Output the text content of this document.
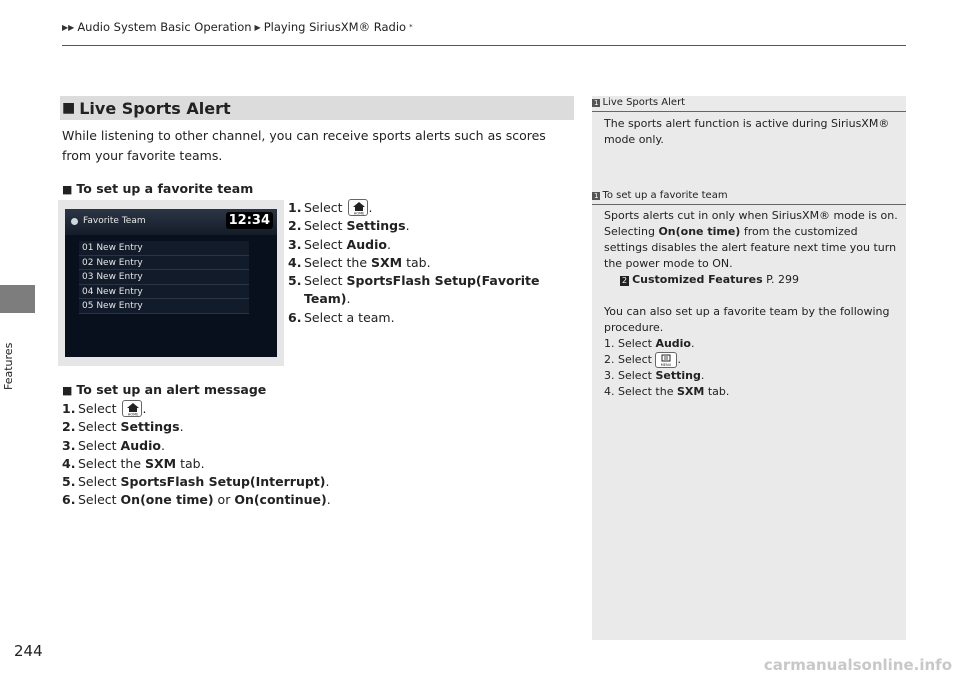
▶▶ Audio System Basic Operation ▶ Playing SiriusXM® Radio *
Features
244
■ Live Sports Alert
While listening to other channel, you can receive sports alerts such as scores from your favorite teams.
■ To set up a favorite team
Favorite Team	12:34
01 New Entry
02 New Entry
03 New Entry
04 New Entry
05 New Entry
1. Select HOME .
2. Select Settings.
3. Select Audio.
4. Select the SXM tab.
5. Select SportsFlash Setup(Favorite
Team).
6. Select a team.
■ To set up an alert message
1. Select HOME .
2. Select Settings.
3. Select Audio.
4. Select the SXM tab.
5. Select SportsFlash Setup(Interrupt).
6. Select On(one time) or On(continue).
1 Live Sports Alert
The sports alert function is active during SiriusXM® mode only.
1 To set up a favorite team
Sports alerts cut in only when SiriusXM® mode is on. Selecting On(one time) from the customized settings disables the alert feature next time you turn the power mode to ON.
2 Customized Features P. 299
You can also set up a favorite team by the following procedure.
1. Select Audio.
2. Select MENU .
3. Select Setting.
4. Select the SXM tab.
carmanualsonline.info
